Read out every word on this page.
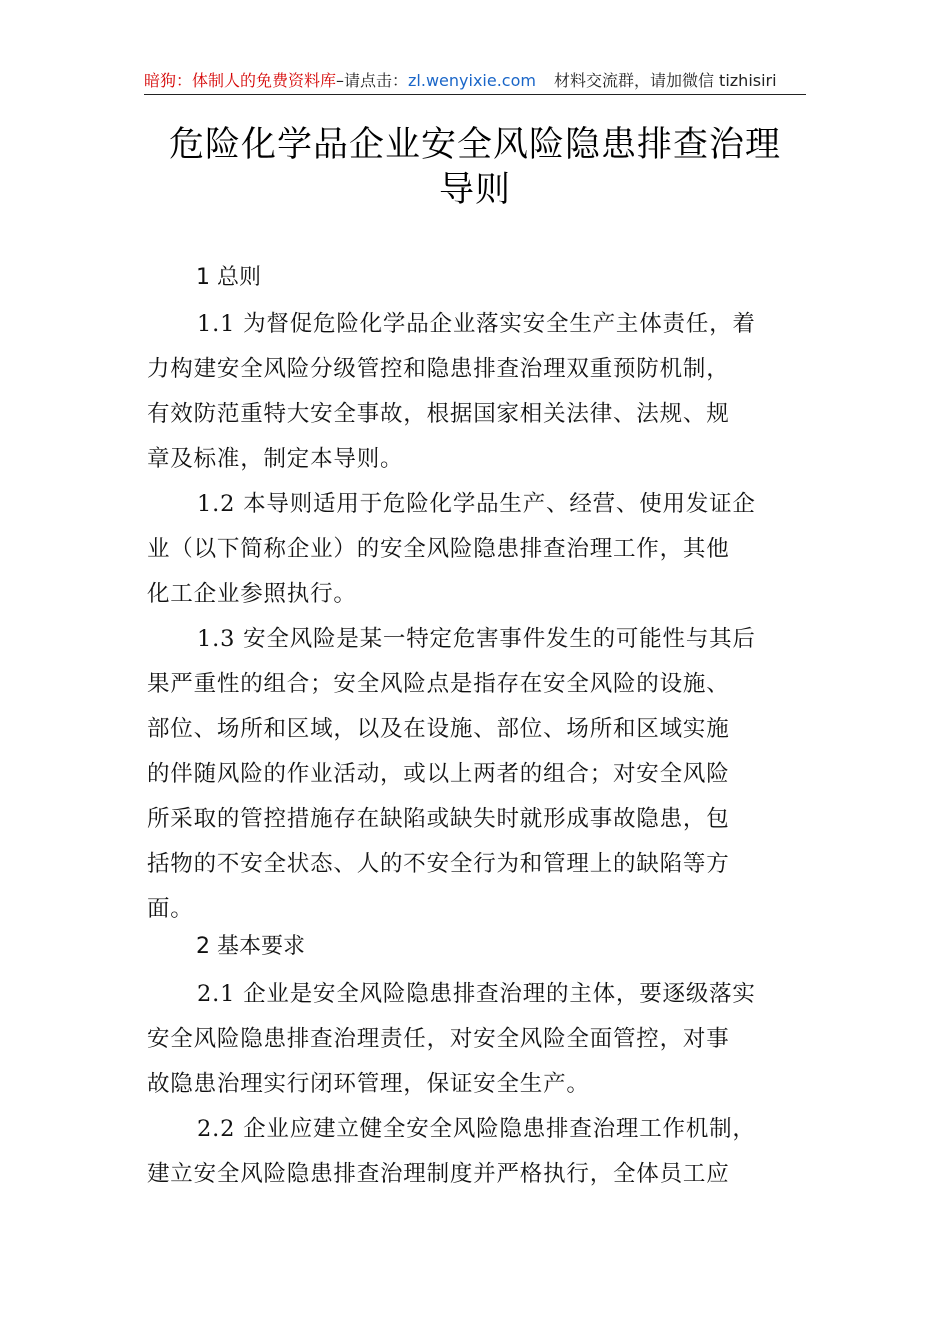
暗狗：体制人的免费资料库–请点击：zl.wenyixie.com 材料交流群，请加微信 tizhisiri
危险化学品企业安全风险隐患排查治理
导则
1 总则
1.1 为督促危险化学品企业落实安全生产主体责任，着
力构建安全风险分级管控和隐患排查治理双重预防机制，
有效防范重特大安全事故，根据国家相关法律、法规、规
章及标准，制定本导则。
1.2 本导则适用于危险化学品生产、经营、使用发证企
业（以下简称企业）的安全风险隐患排查治理工作，其他
化工企业参照执行。
1.3 安全风险是某一特定危害事件发生的可能性与其后
果严重性的组合；安全风险点是指存在安全风险的设施、
部位、场所和区域，以及在设施、部位、场所和区域实施
的伴随风险的作业活动，或以上两者的组合；对安全风险
所采取的管控措施存在缺陷或缺失时就形成事故隐患，包
括物的不安全状态、人的不安全行为和管理上的缺陷等方
面。
2 基本要求
2.1 企业是安全风险隐患排查治理的主体，要逐级落实
安全风险隐患排查治理责任，对安全风险全面管控，对事
故隐患治理实行闭环管理，保证安全生产。
2.2 企业应建立健全安全风险隐患排查治理工作机制，
建立安全风险隐患排查治理制度并严格执行，全体员工应
